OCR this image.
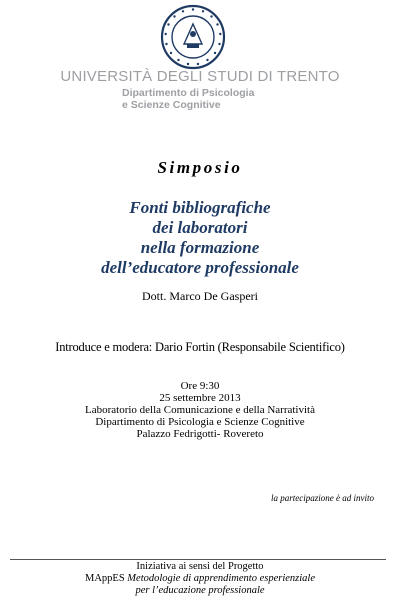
UNIVERSITÀ DEGLI STUDI DI TRENTO
Dipartimento di Psicologia
e Scienze Cognitive
Simposio
Fonti bibliografiche
dei laboratori
nella formazione
dell’educatore professionale
Dott. Marco De Gasperi
Introduce e modera: Dario Fortin (Responsabile Scientifico)
Ore 9:30
25 settembre 2013
Laboratorio della Comunicazione e della Narratività
Dipartimento di Psicologia e Scienze Cognitive
Palazzo Fedrigotti- Rovereto
la partecipazione è ad invito
Iniziativa ai sensi del Progetto
MAppES Metodologie di apprendimento esperienziale
per l’educazione professionale
